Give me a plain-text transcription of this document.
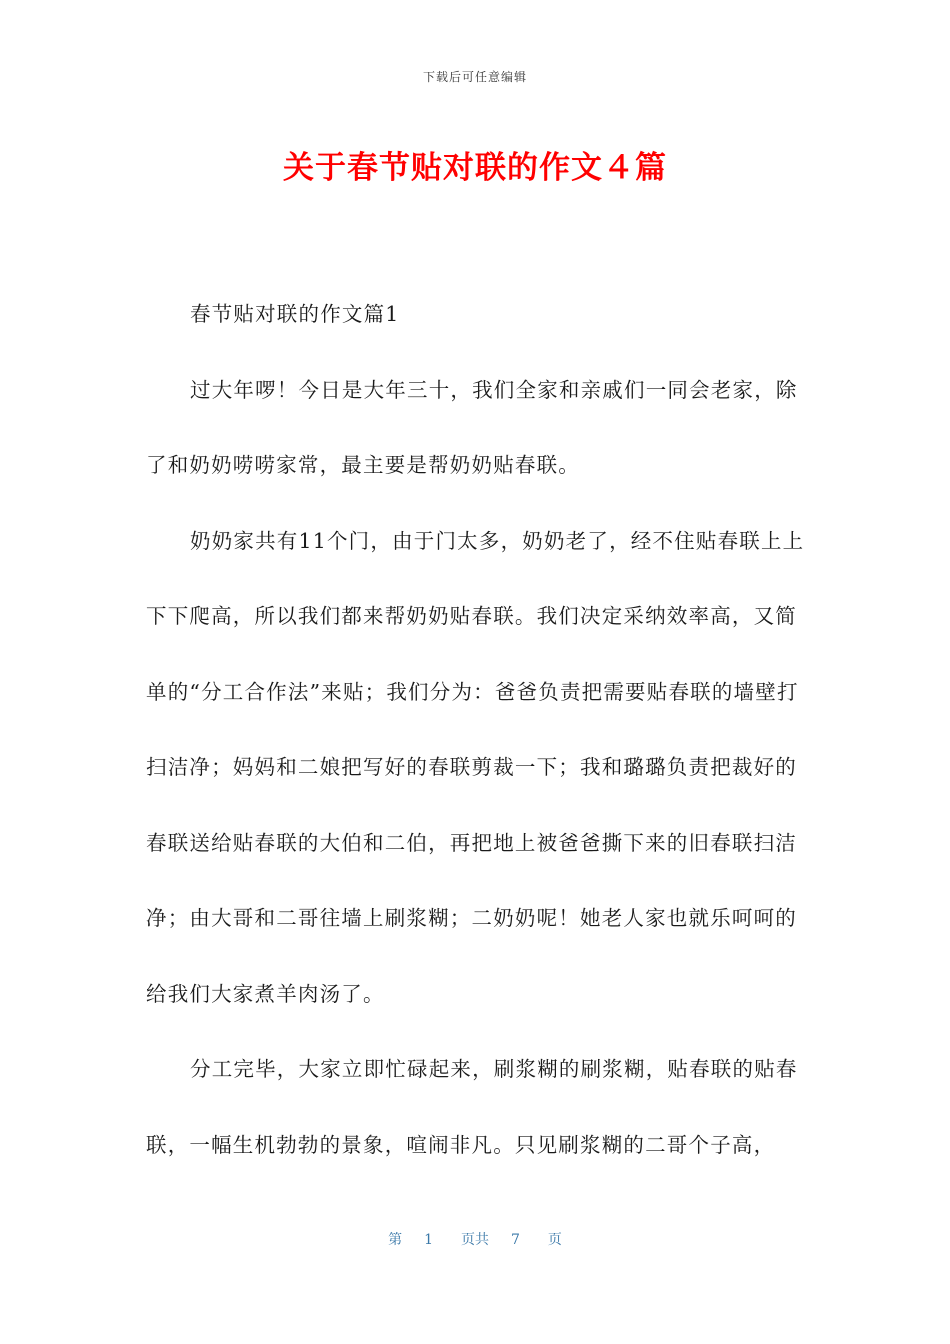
下载后可任意编辑
关于春节贴对联的作文４篇

春节贴对联的作文篇1

过大年啰！今日是大年三十，我们全家和亲戚们一同会老家，除了和奶奶唠唠家常，最主要是帮奶奶贴春联。

奶奶家共有11个门，由于门太多，奶奶老了，经不住贴春联上上下下爬高，所以我们都来帮奶奶贴春联。我们决定采纳效率高，又简单的“分工合作法”来贴；我们分为：爸爸负责把需要贴春联的墙壁打扫洁净；妈妈和二娘把写好的春联剪裁一下；我和璐璐负责把裁好的春联送给贴春联的大伯和二伯，再把地上被爸爸撕下来的旧春联扫洁净；由大哥和二哥往墙上刷浆糊；二奶奶呢！她老人家也就乐呵呵的给我们大家煮羊肉汤了。

分工完毕，大家立即忙碌起来，刷浆糊的刷浆糊，贴春联的贴春联，一幅生机勃勃的景象，喧闹非凡。只见刷浆糊的二哥个子高，

第 1 页共 7 页
